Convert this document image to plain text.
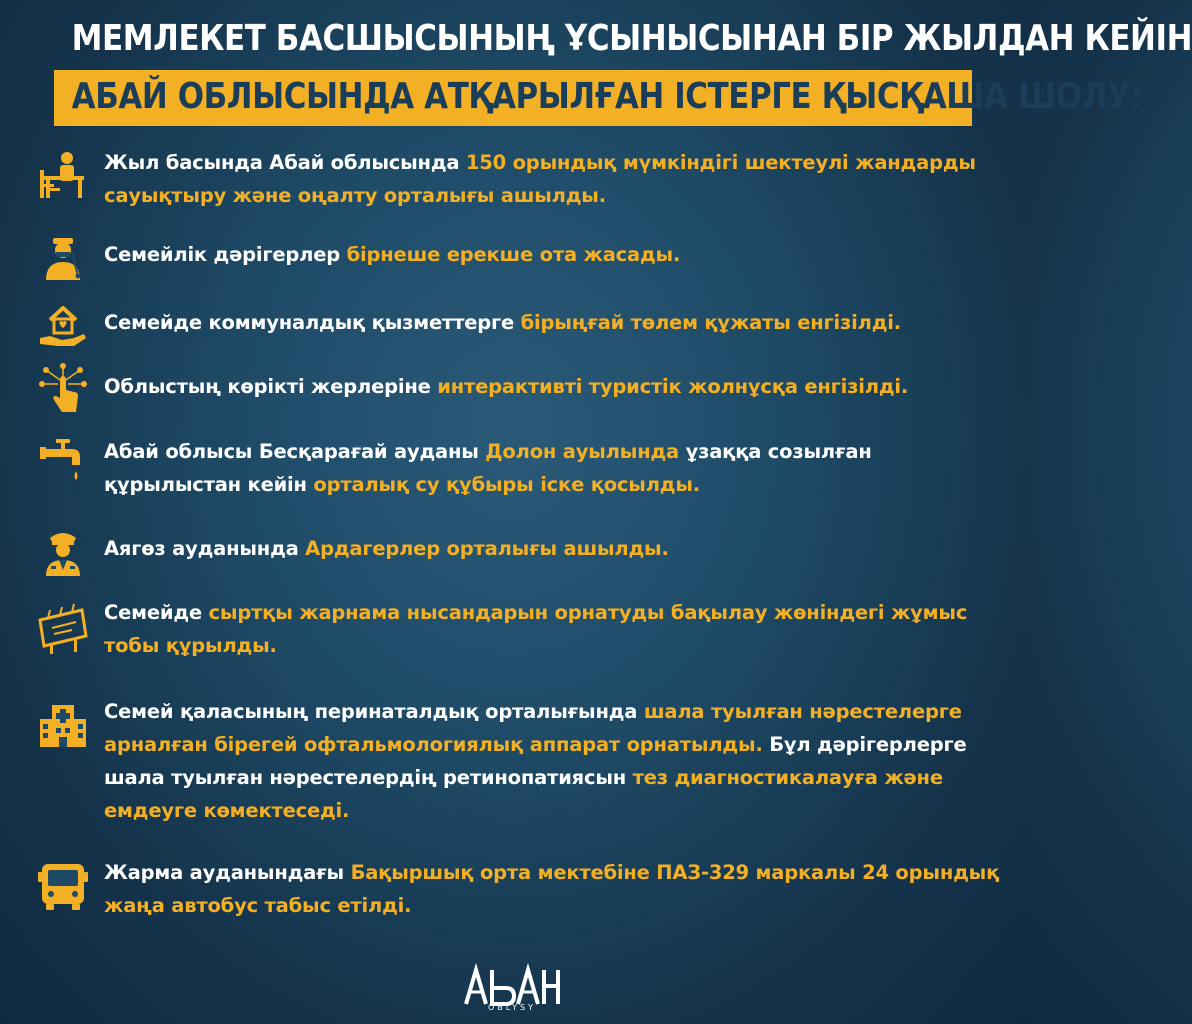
МЕМЛЕКЕТ БАСШЫСЫНЫҢ ҰСЫНЫСЫНАН БІР ЖЫЛДАН КЕЙІН
АБАЙ ОБЛЫСЫНДА АТҚАРЫЛҒАН ІСТЕРГЕ ҚЫСҚАША ШОЛУ:
Жыл басында Абай облысында 150 орындық мүмкіндігі шектеулі жандарды сауықтыру және оңалту орталығы ашылды.
Семейлік дәрігерлер бірнеше ерекше ота жасады.
Семейде коммуналдық қызметтерге бірыңғай төлем құжаты енгізілді.
Облыстың көрікті жерлеріне интерактивті туристік жолнұсқа енгізілді.
Абай облысы Бесқарағай ауданы Долон ауылында ұзаққа созылған құрылыстан кейін орталық су құбыры іске қосылды.
Аягөз ауданында Ардагерлер орталығы ашылды.
Семейде сыртқы жарнама нысандарын орнатуды бақылау жөніндегі жұмыс тобы құрылды.
Семей қаласының перинаталдық орталығында шала туылған нәрестелерге арналған бірегей офтальмологиялық аппарат орнатылды. Бұл дәрігерлерге шала туылған нәрестелердің ретинопатиясын тез диагностикалауға және емдеуге көмектеседі.
Жарма ауданындағы Бақыршық орта мектебіне ПАЗ-329 маркалы 24 орындық жаңа автобус табыс етілді.
OBLYSY
